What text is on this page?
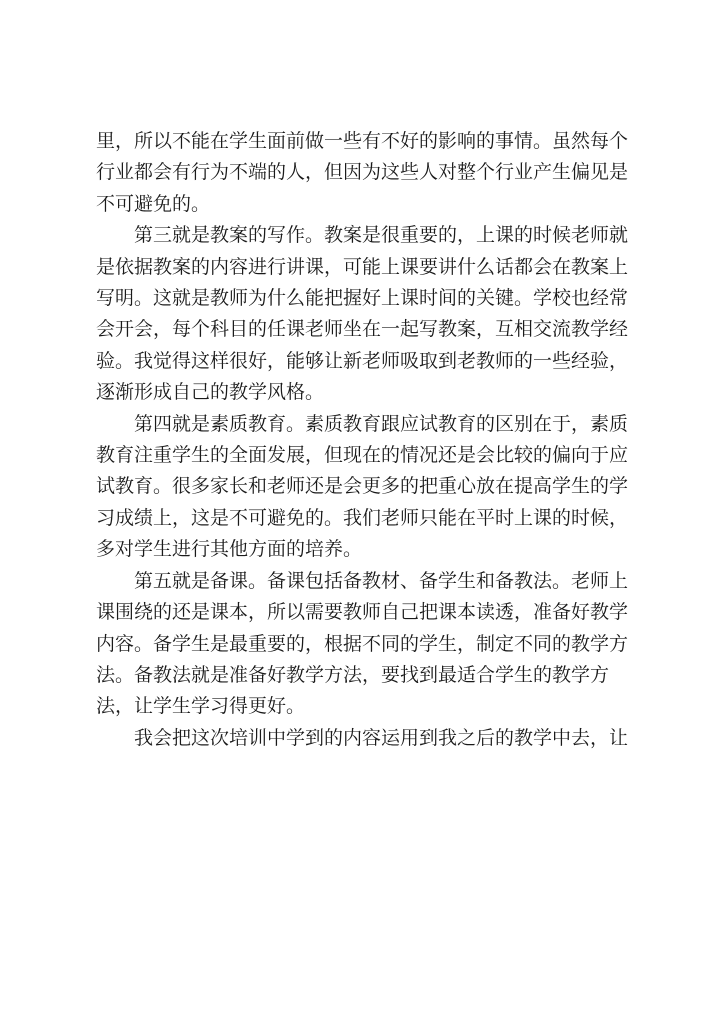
里，所以不能在学生面前做一些有不好的影响的事情。虽然每个
行业都会有行为不端的人，但因为这些人对整个行业产生偏见是
不可避免的。

第三就是教案的写作。教案是很重要的，上课的时候老师就
是依据教案的内容进行讲课，可能上课要讲什么话都会在教案上
写明。这就是教师为什么能把握好上课时间的关键。学校也经常
会开会，每个科目的任课老师坐在一起写教案，互相交流教学经
验。我觉得这样很好，能够让新老师吸取到老教师的一些经验，
逐渐形成自己的教学风格。

第四就是素质教育。素质教育跟应试教育的区别在于，素质
教育注重学生的全面发展，但现在的情况还是会比较的偏向于应
试教育。很多家长和老师还是会更多的把重心放在提高学生的学
习成绩上，这是不可避免的。我们老师只能在平时上课的时候，
多对学生进行其他方面的培养。

第五就是备课。备课包括备教材、备学生和备教法。老师上
课围绕的还是课本，所以需要教师自己把课本读透，准备好教学
内容。备学生是最重要的，根据不同的学生，制定不同的教学方
法。备教法就是准备好教学方法，要找到最适合学生的教学方
法，让学生学习得更好。

我会把这次培训中学到的内容运用到我之后的教学中去，让
